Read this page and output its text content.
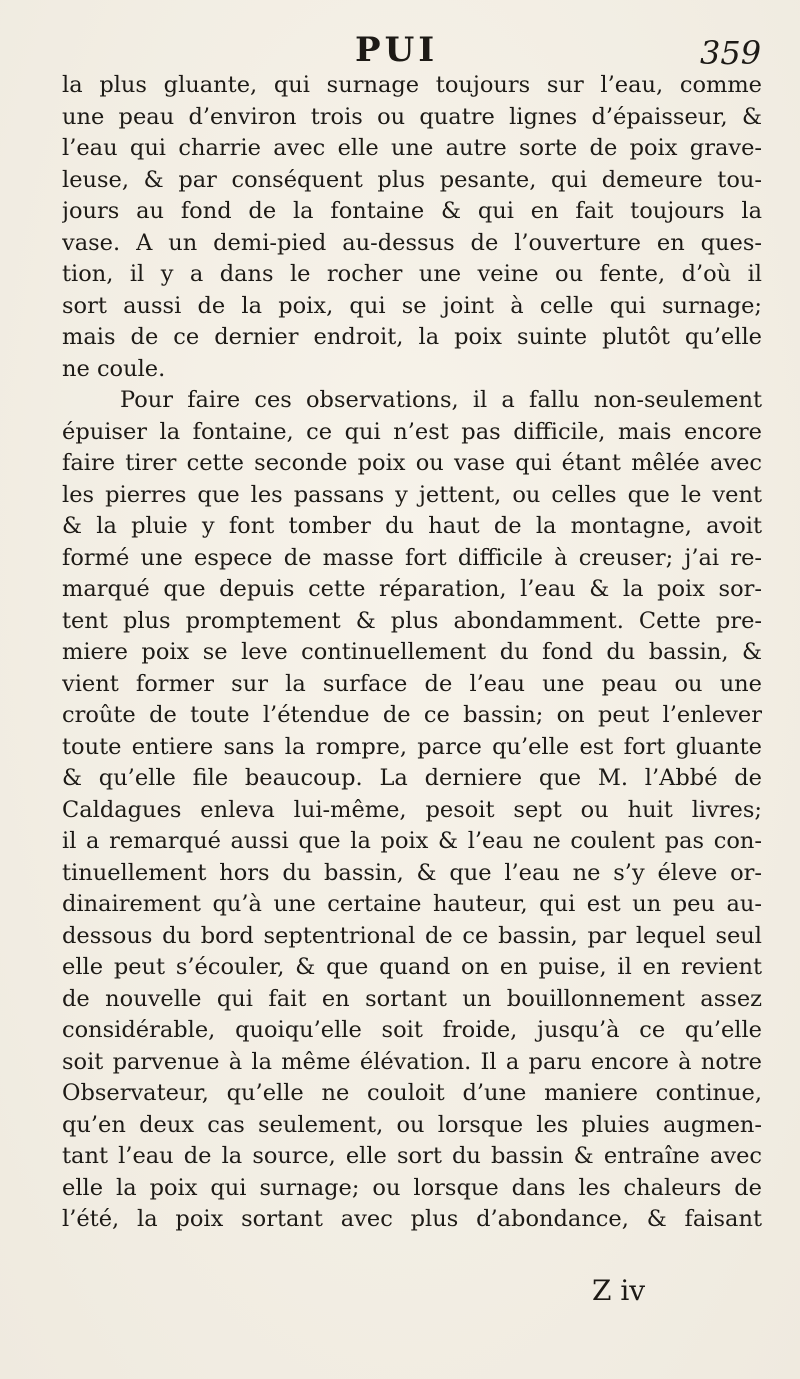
PUI	359
la plus gluante, qui surnage toujours sur l’eau, comme
une peau d’environ trois ou quatre lignes d’épaisseur, &
l’eau qui charrie avec elle une autre sorte de poix grave-
leuse, & par conséquent plus pesante, qui demeure tou-
jours au fond de la fontaine & qui en fait toujours la
vase. A un demi-pied au-dessus de l’ouverture en ques-
tion, il y a dans le rocher une veine ou fente, d’où il
sort aussi de la poix, qui se joint à celle qui surnage;
mais de ce dernier endroit, la poix suinte plutôt qu’elle
ne coule.
Pour faire ces observations, il a fallu non-seulement
épuiser la fontaine, ce qui n’est pas difficile, mais encore
faire tirer cette seconde poix ou vase qui étant mêlée avec
les pierres que les passans y jettent, ou celles que le vent
& la pluie y font tomber du haut de la montagne, avoit
formé une espece de masse fort difficile à creuser; j’ai re-
marqué que depuis cette réparation, l’eau & la poix sor-
tent plus promptement & plus abondamment. Cette pre-
miere poix se leve continuellement du fond du bassin, &
vient former sur la surface de l’eau une peau ou une
croûte de toute l’étendue de ce bassin; on peut l’enlever
toute entiere sans la rompre, parce qu’elle est fort gluante
& qu’elle file beaucoup. La derniere que M. l’Abbé de
Caldagues enleva lui-même, pesoit sept ou huit livres;
il a remarqué aussi que la poix & l’eau ne coulent pas con-
tinuellement hors du bassin, & que l’eau ne s’y éleve or-
dinairement qu’à une certaine hauteur, qui est un peu au-
dessous du bord septentrional de ce bassin, par lequel seul
elle peut s’écouler, & que quand on en puise, il en revient
de nouvelle qui fait en sortant un bouillonnement assez
considérable, quoiqu’elle soit froide, jusqu’à ce qu’elle
soit parvenue à la même élévation. Il a paru encore à notre
Observateur, qu’elle ne couloit d’une maniere continue,
qu’en deux cas seulement, ou lorsque les pluies augmen-
tant l’eau de la source, elle sort du bassin & entraîne avec
elle la poix qui surnage; ou lorsque dans les chaleurs de
l’été, la poix sortant avec plus d’abondance, & faisant
Z iv
